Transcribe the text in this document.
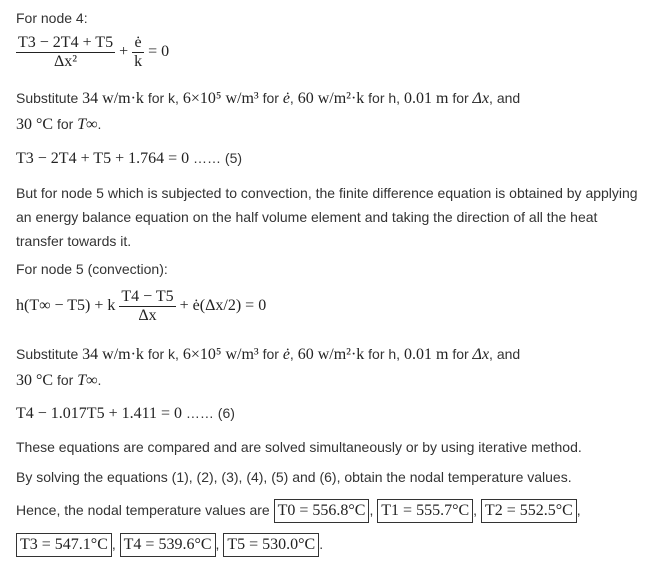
For node 4:
$\frac{T3 - 2T4 + T5}{\text{Δx²}} + \frac{ė}{k} = 0$
Substitute 34 w/m·k for k, 6×10⁵ w/m³ for ė, 60 w/m²·k for h, 0.01 m for Δx, and
30 °C for T∞.
T3 − 2T4 + T5 + 1.764 = 0 …… (5)
But for node 5 which is subjected to convection, the finite difference equation is obtained by applying an energy balance equation on the half volume element and taking the direction of all the heat transfer towards it.
For node 5 (convection):
h(T∞ − T5) + k $\frac{T4 - T5}{\Delta x}$ + ė(Δx/2) = 0
Substitute 34 w/m·k for k, 6×10⁵ w/m³ for ė, 60 w/m²·k for h, 0.01 m for Δx, and
30 °C for T∞.
T4 − 1.017T5 + 1.411 = 0 …… (6)
These equations are compared and are solved simultaneously or by using iterative method.
By solving the equations (1), (2), (3), (4), (5) and (6), obtain the nodal temperature values.
Hence, the nodal temperature values are T0 = 556.8°C , T1 = 555.7°C , T2 = 552.5°C ,
T3 = 547.1°C , T4 = 539.6°C , T5 = 530.0°C .
